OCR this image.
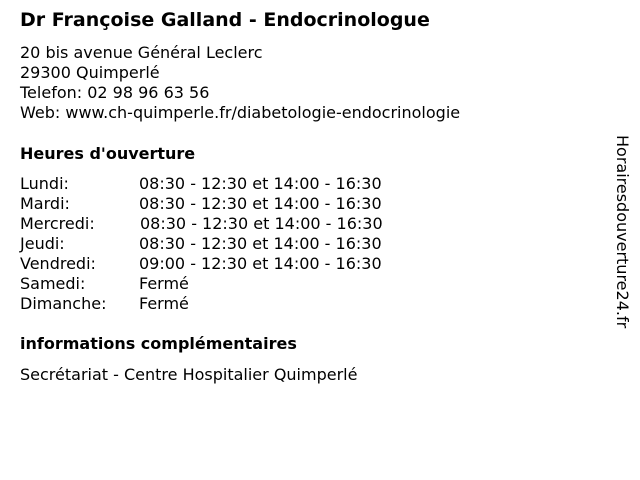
Dr Françoise Galland - Endocrinologue
20 bis avenue Général Leclerc
29300 Quimperlé
Telefon: 02 98 96 63 56
Web: www.ch-quimperle.fr/diabetologie-endocrinologie
Heures d'ouverture
Lundi:	08:30 - 12:30 et 14:00 - 16:30
Mardi:	08:30 - 12:30 et 14:00 - 16:30
Mercredi:	08:30 - 12:30 et 14:00 - 16:30
Jeudi:	08:30 - 12:30 et 14:00 - 16:30
Vendredi:	09:00 - 12:30 et 14:00 - 16:30
Samedi:	Fermé
Dimanche: Fermé
informations complémentaires
Secrétariat - Centre Hospitalier Quimperlé
Horairesdouverture24.fr
